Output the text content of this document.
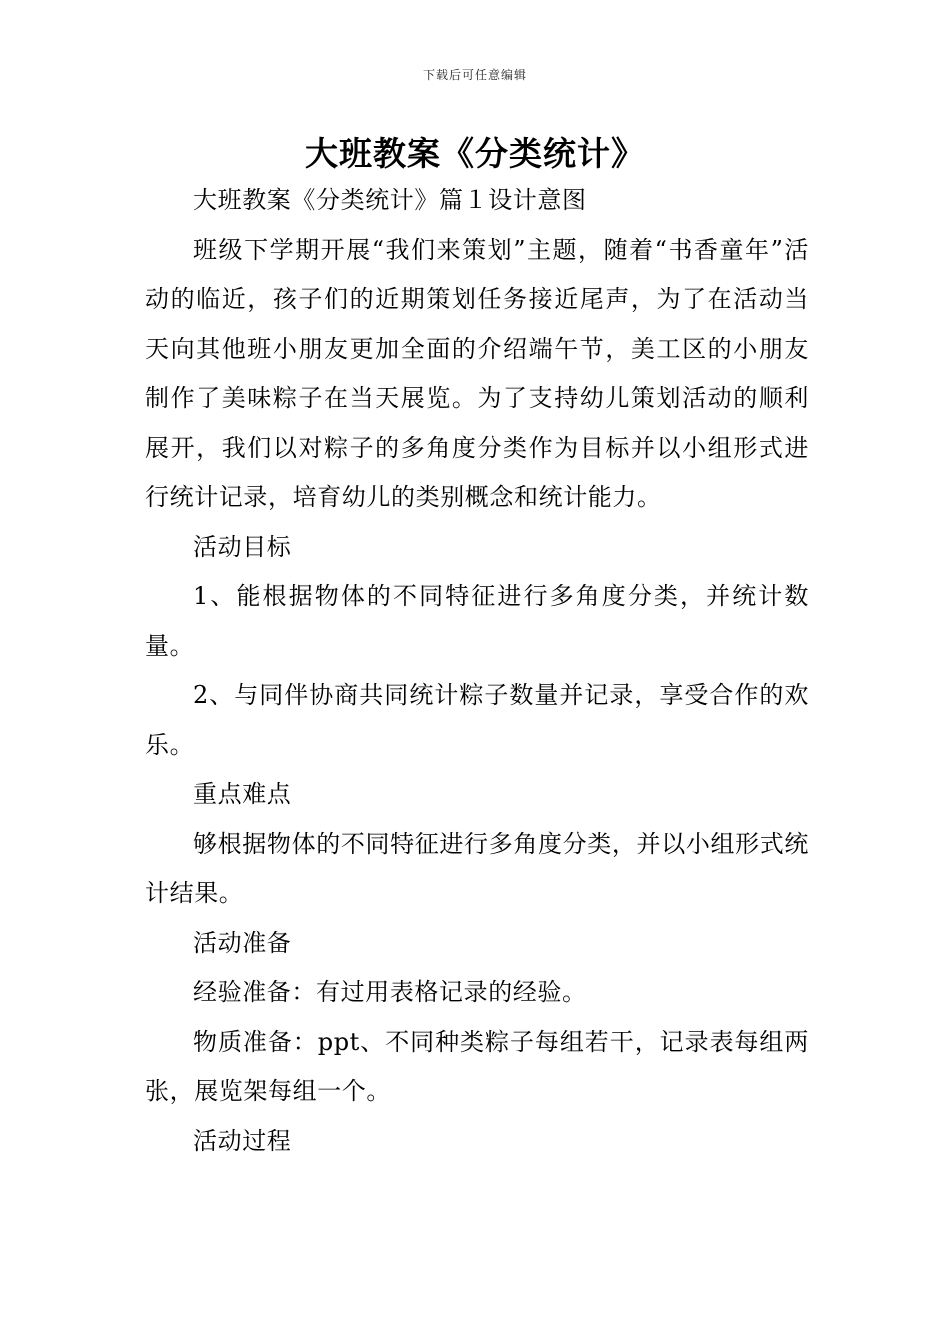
下载后可任意编辑
大班教案《分类统计》

大班教案《分类统计》篇１设计意图

班级下学期开展“我们来策划”主题，随着“书香童年”活动的临近，孩子们的近期策划任务接近尾声，为了在活动当天向其他班小朋友更加全面的介绍端午节，美工区的小朋友制作了美味粽子在当天展览。为了支持幼儿策划活动的顺利展开，我们以对粽子的多角度分类作为目标并以小组形式进行统计记录，培育幼儿的类别概念和统计能力。

活动目标

1、能根据物体的不同特征进行多角度分类，并统计数量。

2、与同伴协商共同统计粽子数量并记录，享受合作的欢乐。

重点难点

够根据物体的不同特征进行多角度分类，并以小组形式统计结果。

活动准备

经验准备：有过用表格记录的经验。

物质准备：ppt、不同种类粽子每组若干，记录表每组两张，展览架每组一个。

活动过程
